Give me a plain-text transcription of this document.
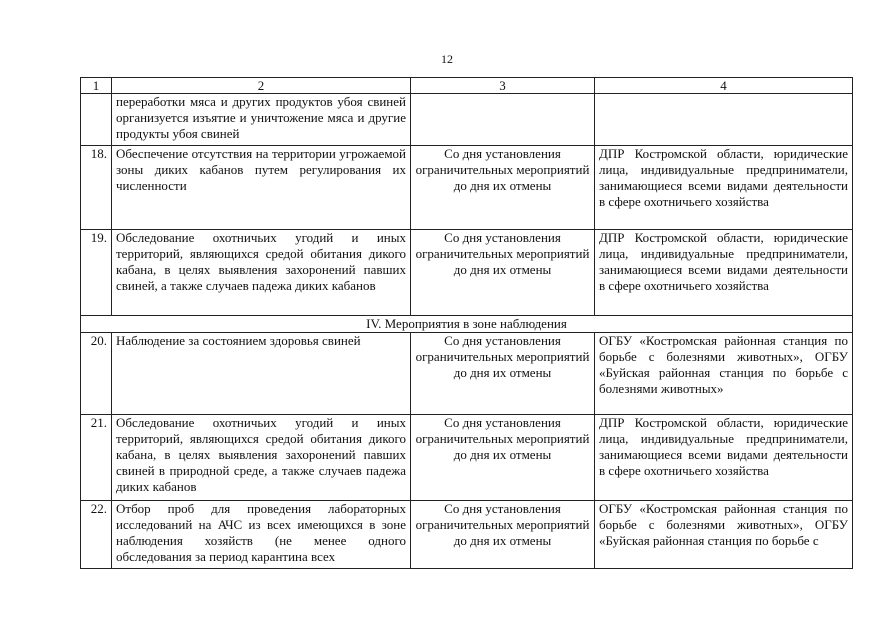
12
1	2	3	4
	переработки мяса и других продуктов убоя свиней организуется изъятие и уничтожение мяса и другие продукты убоя свиней		
18.	Обеспечение отсутствия на территории угрожаемой зоны диких кабанов путем регулирования их численности	Со дня установления ограничительных мероприятий до дня их отмены	ДПР Костромской области, юридические лица, индивидуальные предприниматели, занимающиеся всеми видами деятельности в сфере охотничьего хозяйства
19.	Обследование охотничьих угодий и иных территорий, являющихся средой обитания дикого кабана, в целях выявления захоронений павших свиней, а также случаев падежа диких кабанов	Со дня установления ограничительных мероприятий до дня их отмены	ДПР Костромской области, юридические лица, индивидуальные предприниматели, занимающиеся всеми видами деятельности в сфере охотничьего хозяйства
IV. Мероприятия в зоне наблюдения			
20.	Наблюдение за состоянием здоровья свиней	Со дня установления ограничительных мероприятий до дня их отмены	ОГБУ «Костромская районная станция по борьбе с болезнями животных», ОГБУ «Буйская районная станция по борьбе с болезнями животных»
21.	Обследование охотничьих угодий и иных территорий, являющихся средой обитания дикого кабана, в целях выявления захоронений павших свиней в природной среде, а также случаев падежа диких кабанов	Со дня установления ограничительных мероприятий до дня их отмены	ДПР Костромской области, юридические лица, индивидуальные предприниматели, занимающиеся всеми видами деятельности в сфере охотничьего хозяйства
22.	Отбор проб для проведения лабораторных исследований на АЧС из всех имеющихся в зоне наблюдения хозяйств (не менее одного обследования за период карантина всех	Со дня установления ограничительных мероприятий до дня их отмены	ОГБУ «Костромская районная станция по борьбе с болезнями животных», ОГБУ «Буйская районная станция по борьбе с
